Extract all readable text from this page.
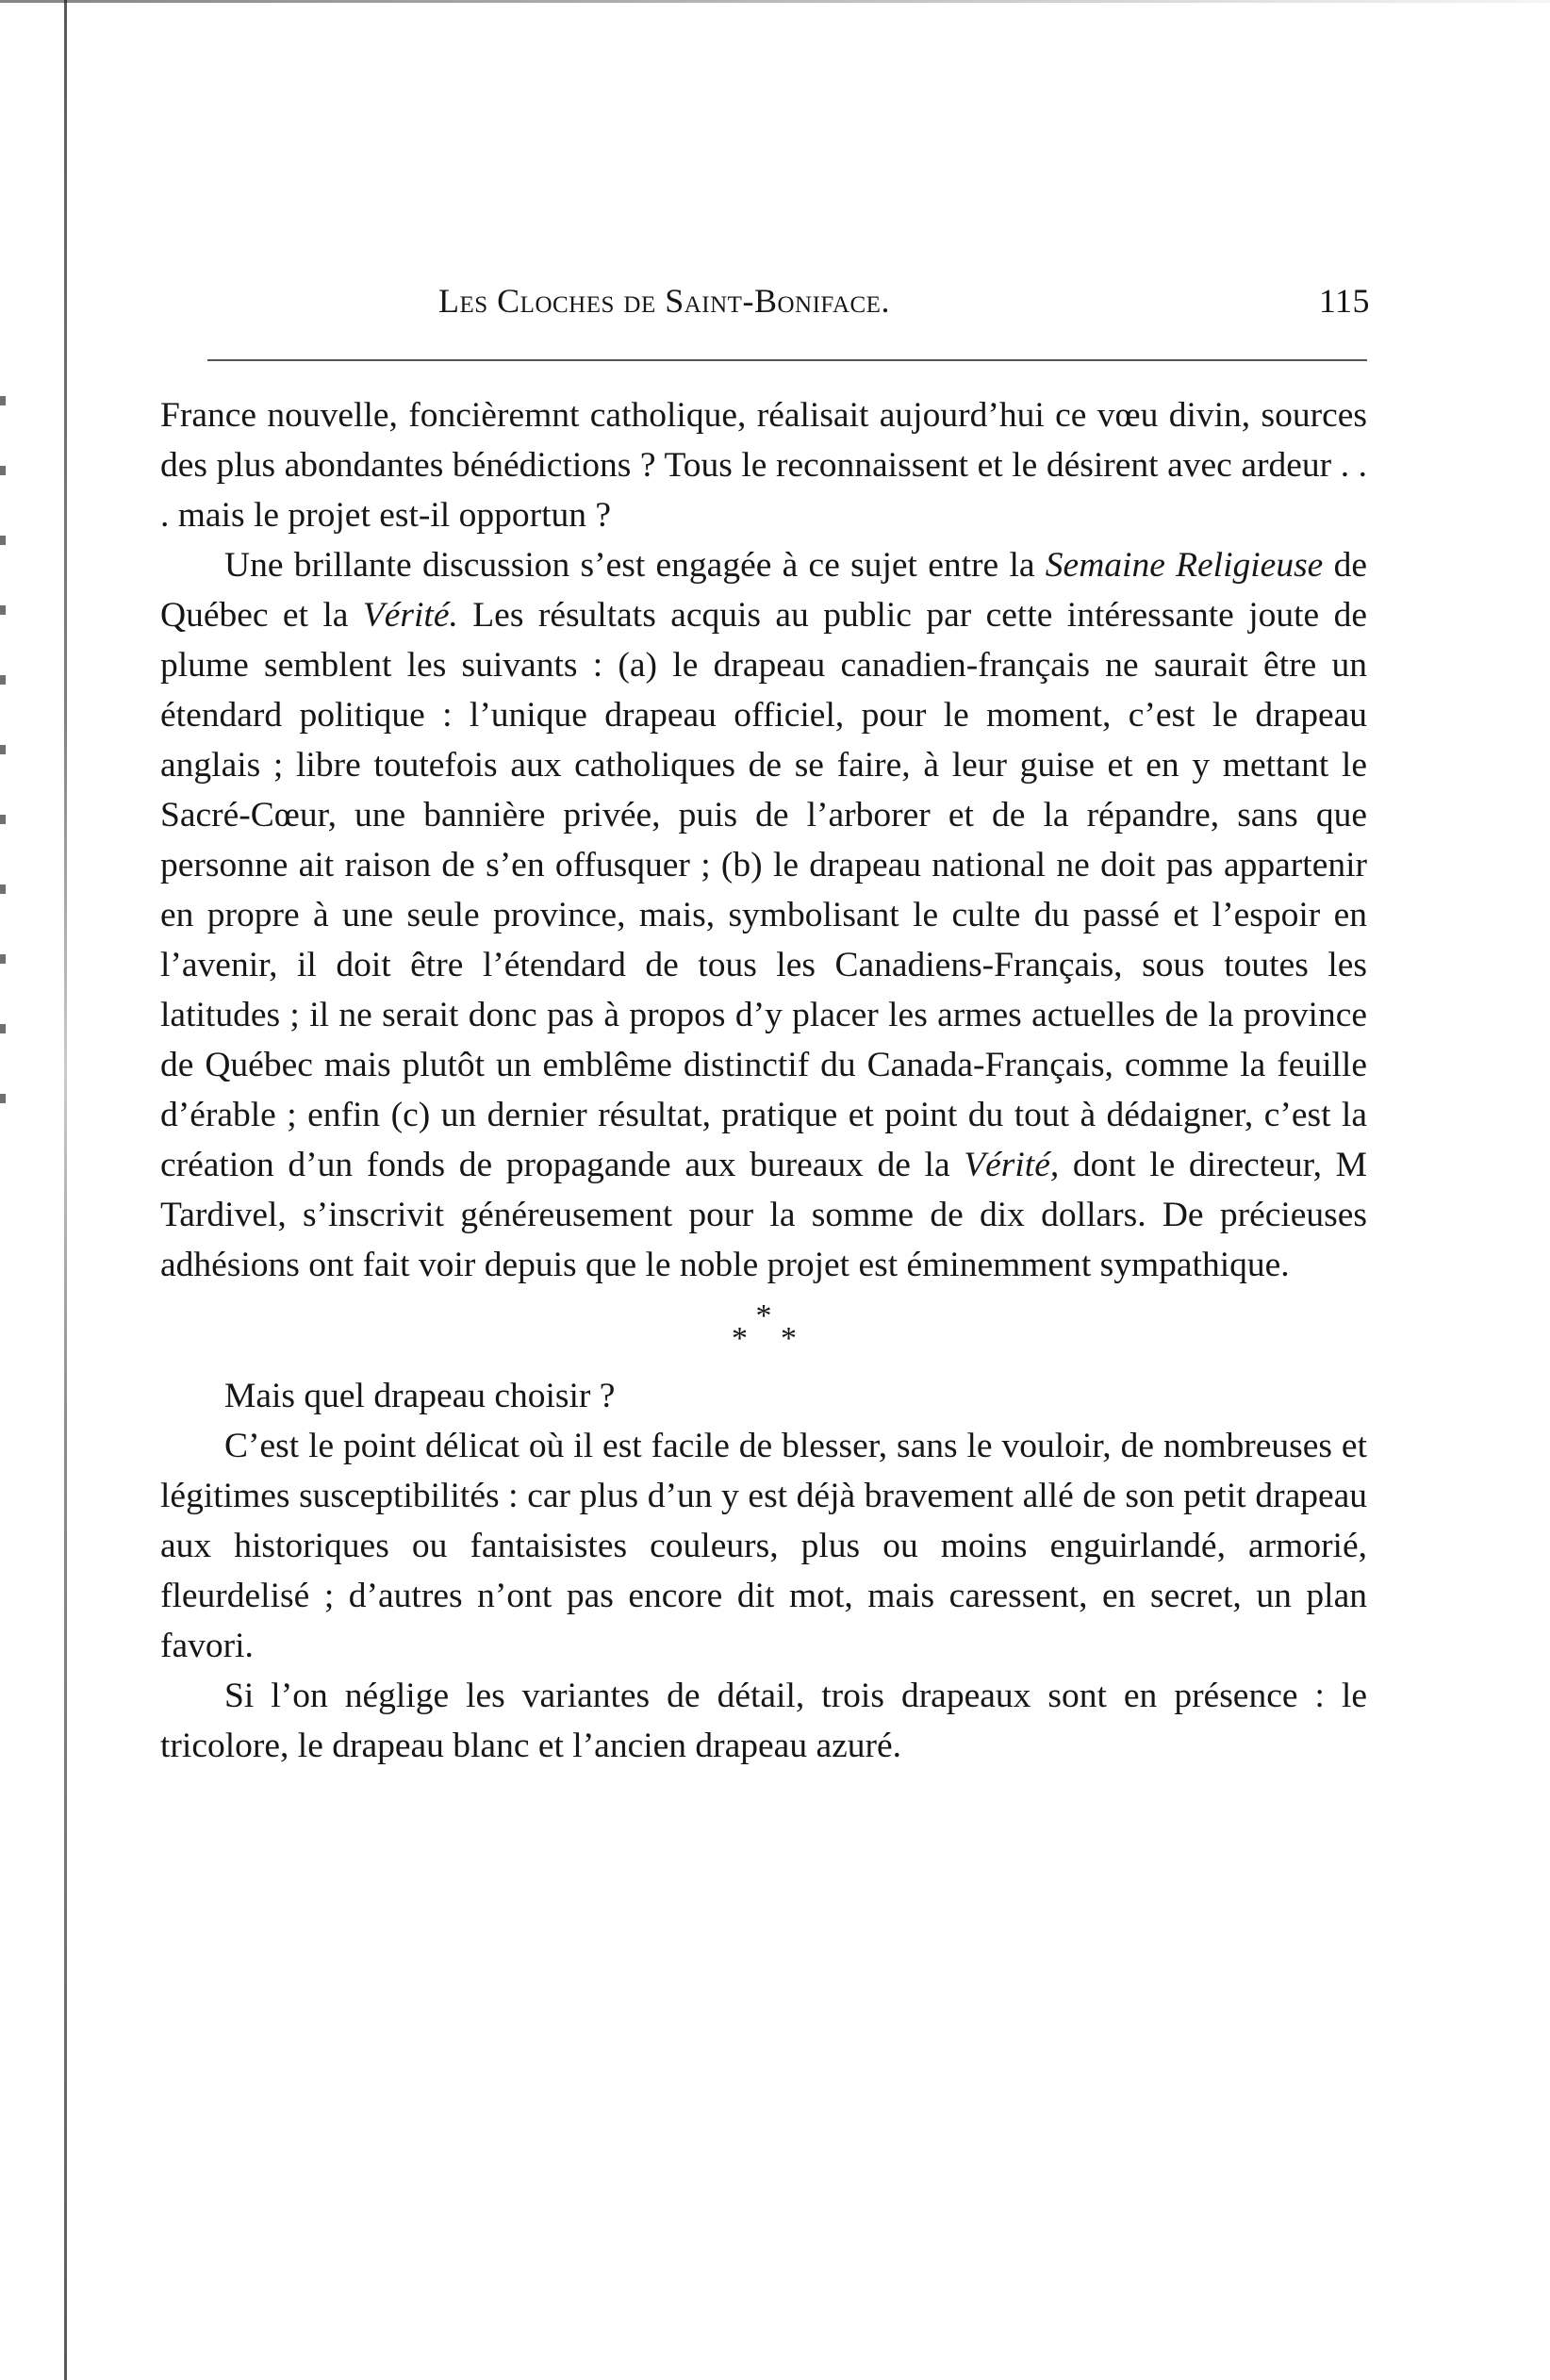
Les Cloches de Saint-Boniface.	115

France nouvelle, foncièremnt catholique, réalisait aujourd’hui ce vœu divin, sources des plus abondantes bénédictions ? Tous le reconnaissent et le désirent avec ardeur . . . mais le projet est-il opportun ?

Une brillante discussion s’est engagée à ce sujet entre la Semaine Religieuse de Québec et la Vérité. Les résultats acquis au public par cette intéressante joute de plume semblent les suivants : (a) le drapeau canadien-français ne saurait être un étendard politique : l’unique drapeau officiel, pour le moment, c’est le drapeau anglais ; libre toutefois aux catholiques de se faire, à leur guise et en y mettant le Sacré-Cœur, une bannière privée, puis de l’arborer et de la répandre, sans que personne ait raison de s’en offusquer ; (b) le drapeau national ne doit pas appartenir en propre à une seule province, mais, symbolisant le culte du passé et l’espoir en l’avenir, il doit être l’étendard de tous les Canadiens-Français, sous toutes les latitudes ; il ne serait donc pas à propos d’y placer les armes actuelles de la province de Québec mais plutôt un emblême distinctif du Canada-Français, comme la feuille d’érable ; enfin (c) un dernier résultat, pratique et point du tout à dédaigner, c’est la création d’un fonds de propagande aux bureaux de la Vérité, dont le directeur, M Tardivel, s’inscrivit généreusement pour la somme de dix dollars. De précieuses adhésions ont fait voir depuis que le noble projet est éminemment sympathique.

*
* *

Mais quel drapeau choisir ?

C’est le point délicat où il est facile de blesser, sans le vouloir, de nombreuses et légitimes susceptibilités : car plus d’un y est déjà bravement allé de son petit drapeau aux historiques ou fantaisistes couleurs, plus ou moins enguirlandé, armorié, fleurdelisé ; d’autres n’ont pas encore dit mot, mais caressent, en secret, un plan favori.

Si l’on néglige les variantes de détail, trois drapeaux sont en présence : le tricolore, le drapeau blanc et l’ancien drapeau azuré.
